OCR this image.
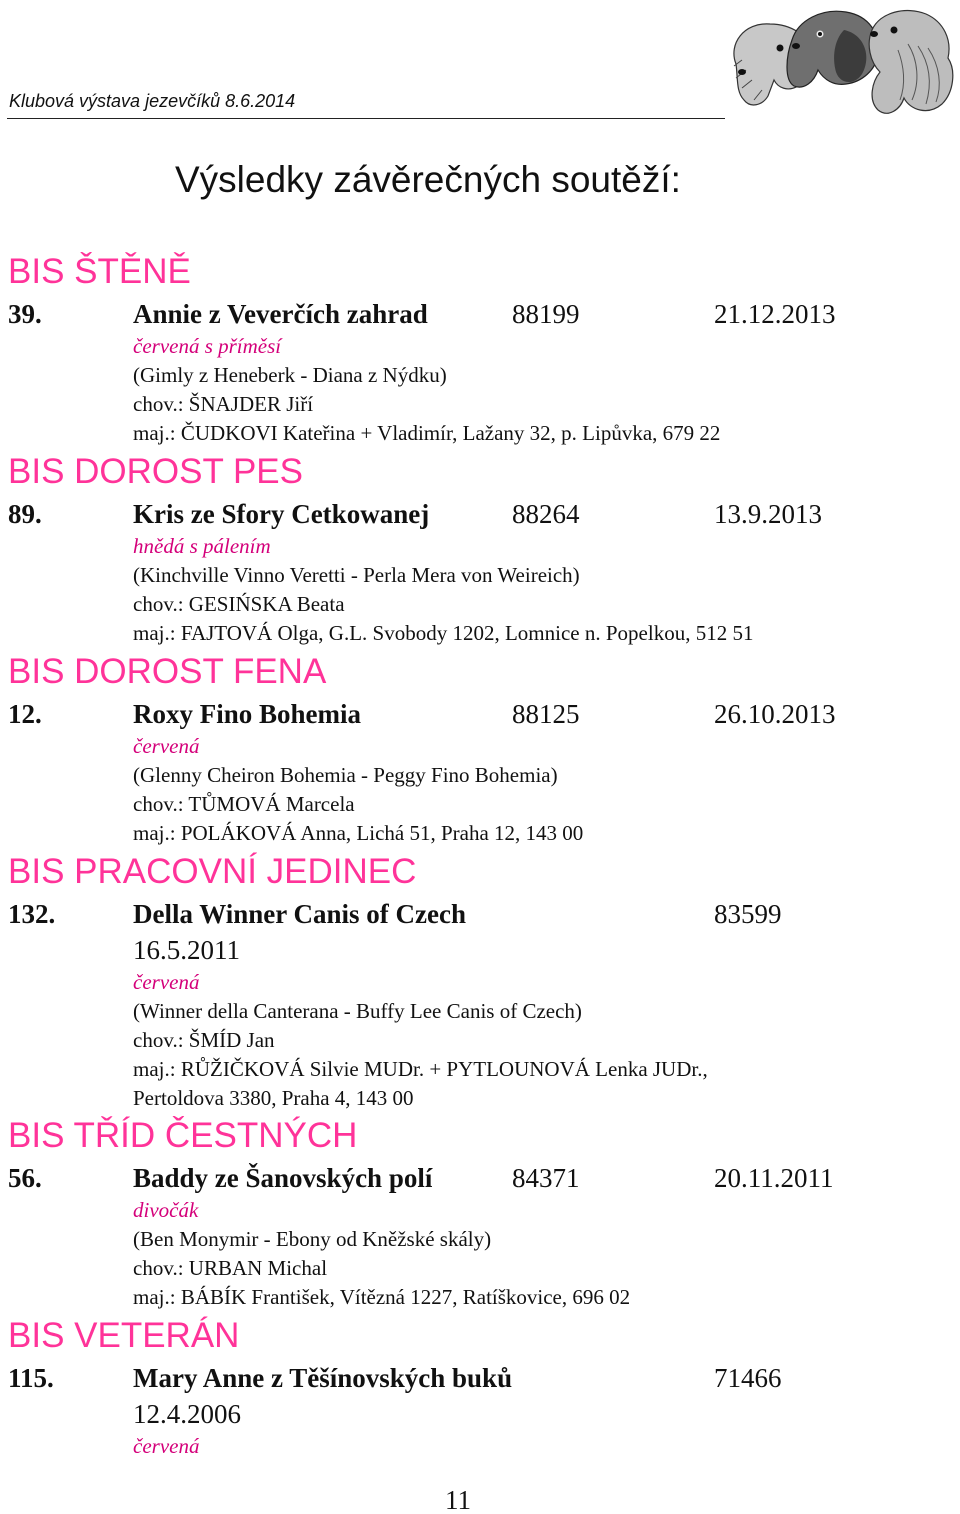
Klubová výstava jezevčíků 8.6.2014
Výsledky závěrečných soutěží:
BIS ŠTĚNĚ
39.	Annie z Veverčích zahrad	88199	21.12.2013
červená s příměsí
(Gimly z Heneberk - Diana z Nýdku)
chov.: ŠNAJDER Jiří
maj.: ČUDKOVI Kateřina + Vladimír, Lažany 32, p. Lipůvka, 679 22
BIS DOROST PES
89.	Kris ze Sfory Cetkowanej	88264	13.9.2013
hnědá s pálením
(Kinchville Vinno Veretti - Perla Mera von Weireich)
chov.: GESIŃSKA Beata
maj.: FAJTOVÁ Olga, G.L. Svobody 1202, Lomnice n. Popelkou, 512 51
BIS DOROST FENA
12.	Roxy Fino Bohemia	88125	26.10.2013
červená
(Glenny Cheiron Bohemia - Peggy Fino Bohemia)
chov.: TŮMOVÁ Marcela
maj.: POLÁKOVÁ Anna, Lichá 51, Praha 12, 143 00
BIS PRACOVNÍ JEDINEC
132.	Della Winner Canis of Czech	83599
16.5.2011
červená
(Winner della Canterana - Buffy Lee Canis of Czech)
chov.: ŠMÍD Jan
maj.: RŮŽIČKOVÁ Silvie MUDr. + PYTLOUNOVÁ Lenka JUDr.,
Pertoldova 3380, Praha 4, 143 00
BIS TŘÍD ČESTNÝCH
56.	Baddy ze Šanovských polí	84371	20.11.2011
divočák
(Ben Monymir - Ebony od Kněžské skály)
chov.: URBAN Michal
maj.: BÁBÍK František, Vítězná 1227, Ratíškovice, 696 02
BIS VETERÁN
115.	Mary Anne z Těšínovských buků	71466
12.4.2006
červená
11
